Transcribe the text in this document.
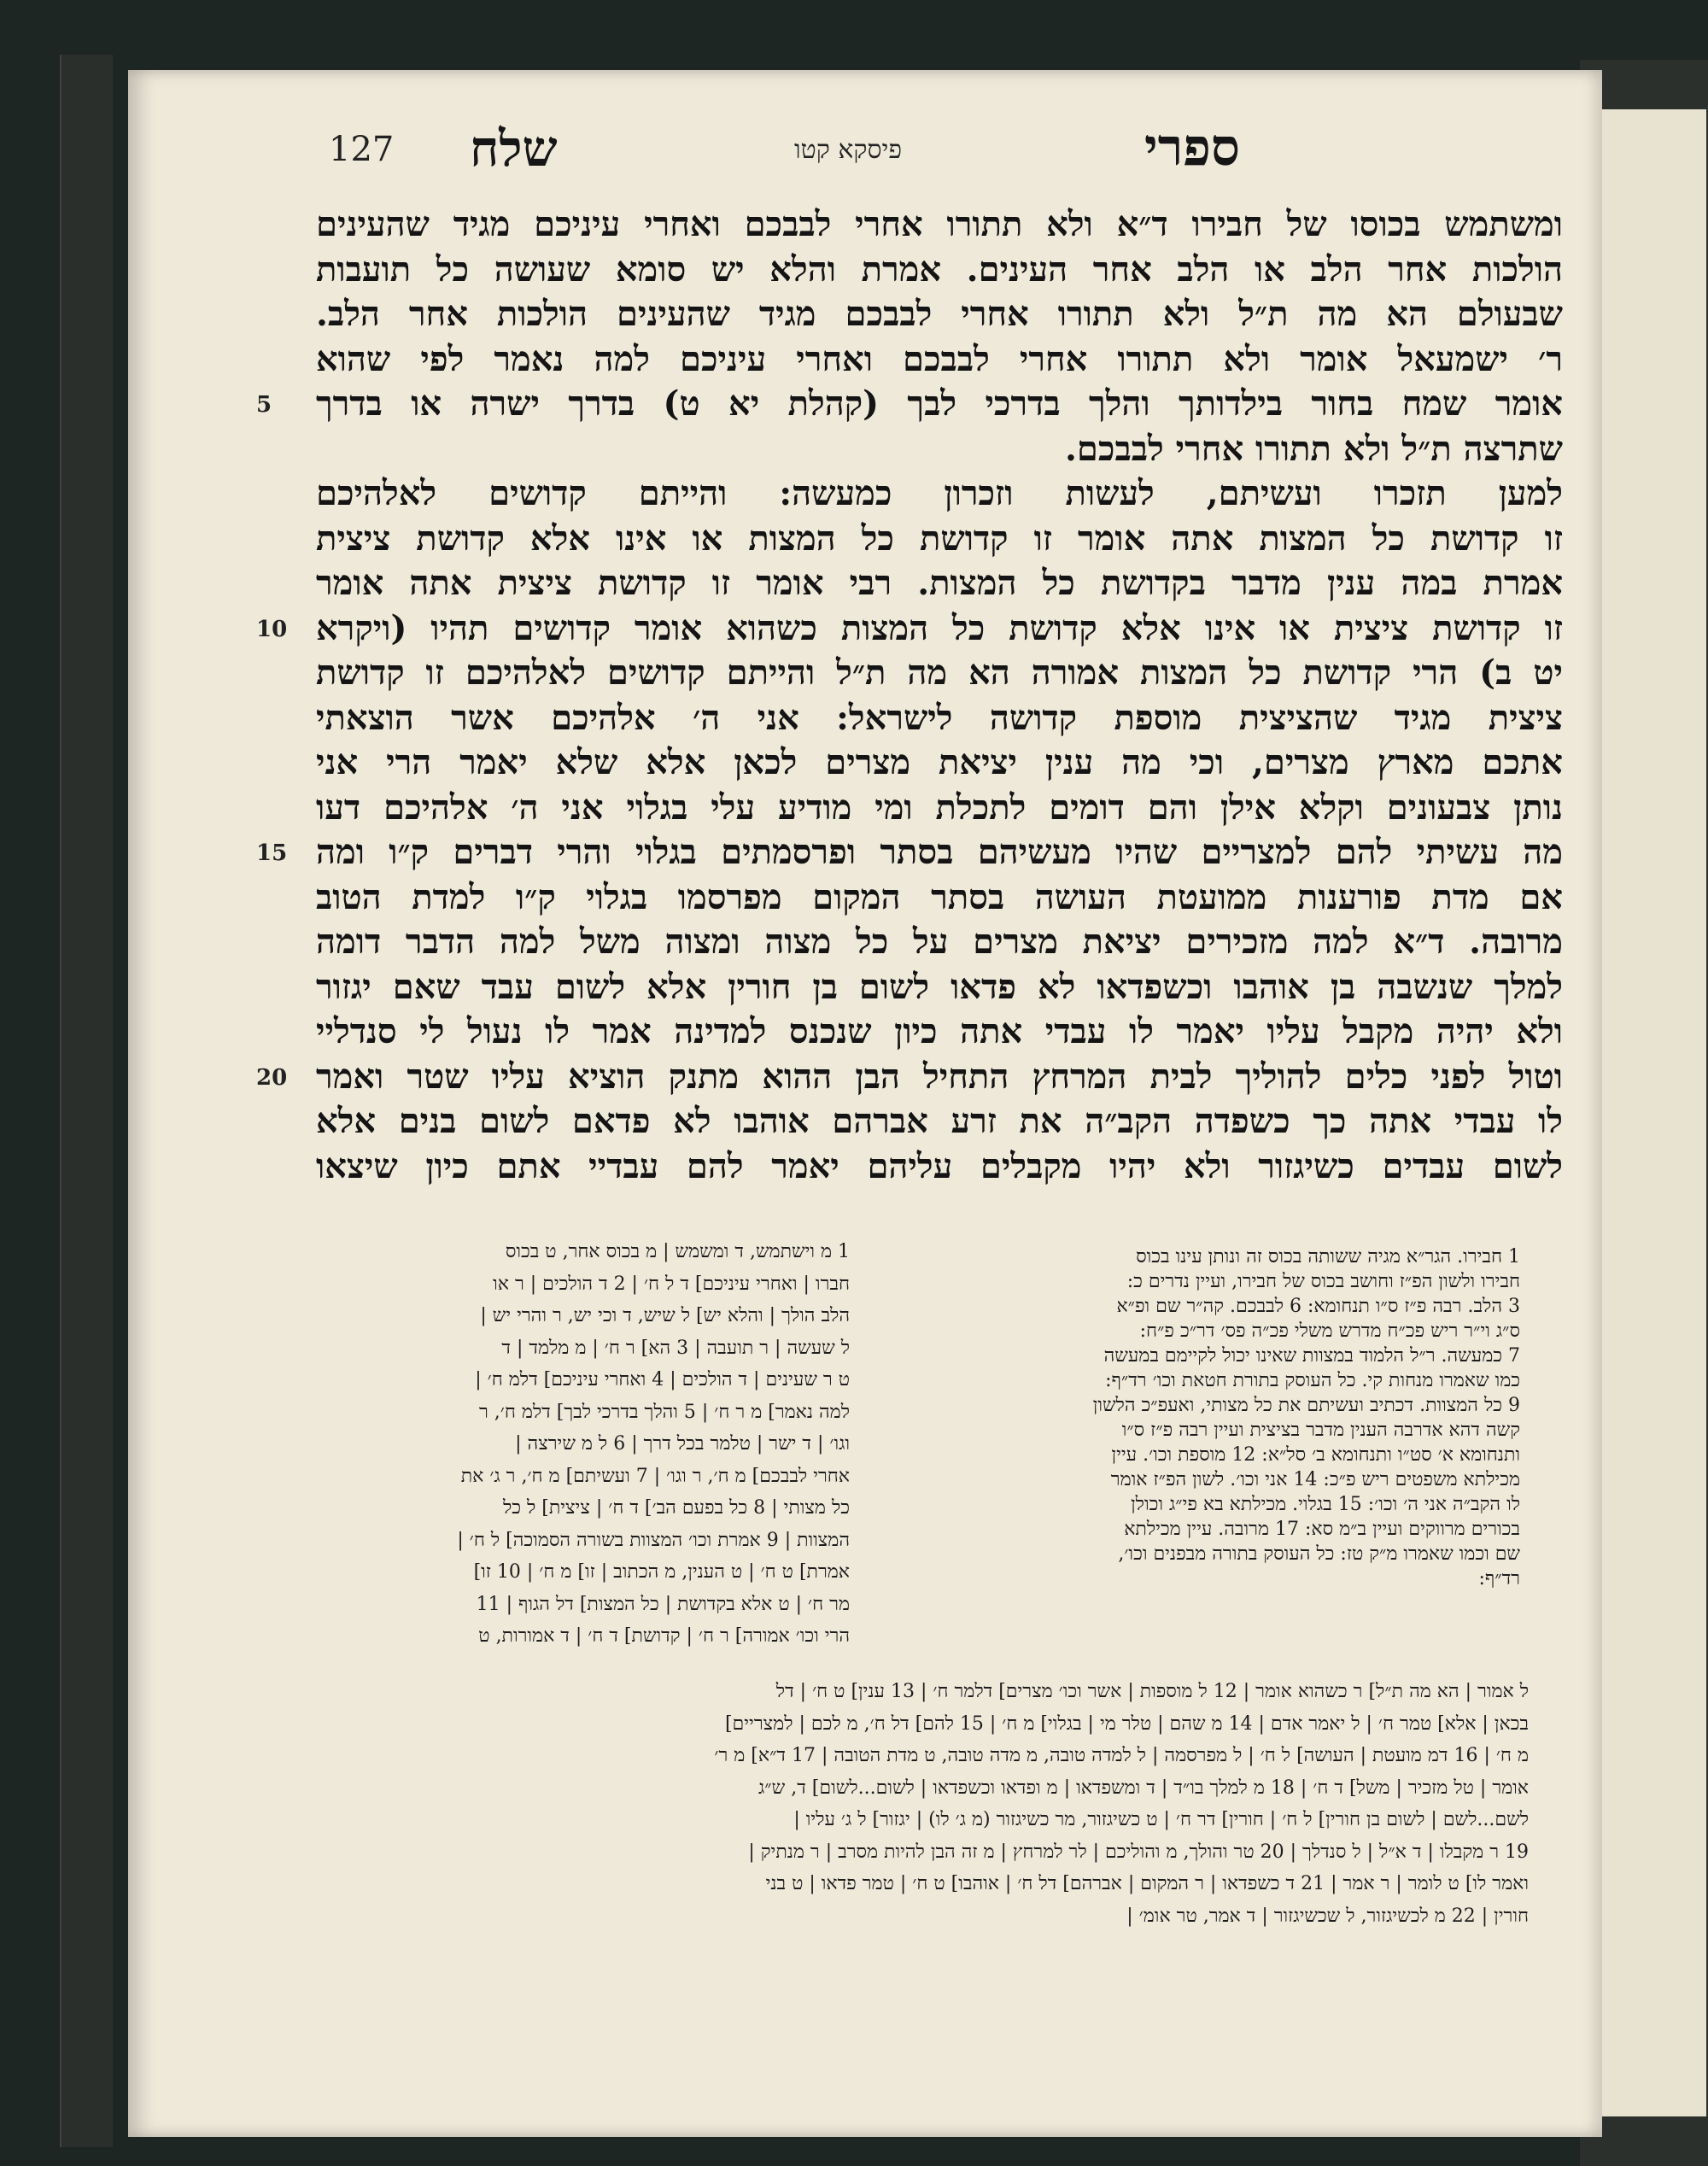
127 שלח	פיסקא קטו	ספרי
ומשתמש בכוסו של חבירו ד״א ולא תתורו אחרי לבבכם ואחרי עיניכם מגיד שהעינים
הולכות אחר הלב או הלב אחר העינים. אמרת והלא יש סומא שעושה כל תועבות
שבעולם הא מה ת״ל ולא תתורו אחרי לבבכם מגיד שהעינים הולכות אחר הלב.
ר׳ ישמעאל אומר ולא תתורו אחרי לבבכם ואחרי עיניכם למה נאמר לפי שהוא
אומר שמח בחור בילדותך והלך בדרכי לבך (קהלת יא ט) בדרך ישרה או בדרך
שתרצה ת״ל ולא תתורו אחרי לבבכם.
למען תזכרו ועשיתם, לעשות וזכרון כמעשה: והייתם קדושים לאלהיכם
זו קדושת כל המצות אתה אומר זו קדושת כל המצות או אינו אלא קדושת ציצית
אמרת במה ענין מדבר בקדושת כל המצות. רבי אומר זו קדושת ציצית אתה אומר
זו קדושת ציצית או אינו אלא קדושת כל המצות כשהוא אומר קדושים תהיו (ויקרא
יט ב) הרי קדושת כל המצות אמורה הא מה ת״ל והייתם קדושים לאלהיכם זו קדושת
ציצית מגיד שהציצית מוספת קדושה לישראל: אני ה׳ אלהיכם אשר הוצאתי
אתכם מארץ מצרים, וכי מה ענין יציאת מצרים לכאן אלא שלא יאמר הרי אני
נותן צבעונים וקלא אילן והם דומים לתכלת ומי מודיע עלי בגלוי אני ה׳ אלהיכם דעו
מה עשיתי להם למצריים שהיו מעשיהם בסתר ופרסמתים בגלוי והרי דברים ק״ו ומה
אם מדת פורענות ממועטת העושה בסתר המקום מפרסמו בגלוי ק״ו למדת הטוב
מרובה. ד״א למה מזכירים יציאת מצרים על כל מצוה ומצוה משל למה הדבר דומה
למלך שנשבה בן אוהבו וכשפדאו לא פדאו לשום בן חורין אלא לשום עבד שאם יגזור
ולא יהיה מקבל עליו יאמר לו עבדי אתה כיון שנכנס למדינה אמר לו נעול לי סנדליי
וטול לפני כלים להוליך לבית המרחץ התחיל הבן ההוא מתנק הוציא עליו שטר ואמר
לו עבדי אתה כך כשפדה הקב״ה את זרע אברהם אוהבו לא פדאם לשום בנים אלא
לשום עבדים כשיגזור ולא יהיו מקבלים עליהם יאמר להם עבדיי אתם כיון שיצאו
5
10
15
20
1 חבירו. הגר״א מגיה ששותה בכוס זה ונותן עינו בכוס
חבירו ולשון הפ״ז וחושב בכוס של חבירו, ועיין נדרים כ:
3 הלב. רבה פ״ז ס״ו תנחומא: 6 לבבכם. קה״ר שם ופ״א
ס״ג וי״ר ריש פכ״ח מדרש משלי פכ״ה פס׳ דר״כ פ״ח:
7 כמעשה. ר״ל הלמוד במצוות שאינו יכול לקיימם במעשה
כמו שאמרו מנחות קי. כל העוסק בתורת חטאת וכו׳ רד״ף:
9 כל המצוות. דכתיב ועשיתם את כל מצותי, ואעפ״כ הלשון
קשה דהא אדרבה הענין מדבר בציצית ועיין רבה פ״ז ס״ו
ותנחומא א׳ סט״ו ותנחומא ב׳ סל״א: 12 מוספת וכו׳. עיין
מכילתא משפטים ריש פ״כ: 14 אני וכו׳. לשון הפ״ז אומר
לו הקב״ה אני ה׳ וכו׳: 15 בגלוי. מכילתא בא פי״ג וכולן
בכורים מרווקים ועיין ב״מ סא: 17 מרובה. עיין מכילתא
שם וכמו שאמרו מ״ק טז: כל העוסק בתורה מבפנים וכו׳,
רד״ף:
1 מ וישתמש, ד ומשמש | מ בכוס אחר, ט בכוס
חברו | ואחרי עיניכם] ד ל ח׳ | 2 ד הולכים | ר או
הלב הולך | והלא יש] ל שיש, ד וכי יש, ר והרי יש |
ל שעשה | ר תועבה | 3 הא] ר ח׳ | מ מלמד | ד
ט ר שעינים | ד הולכים | 4 ואחרי עיניכם] דלמ ח׳ |
למה נאמר] מ ר ח׳ | 5 והלך בדרכי לבך] דלמ ח׳, ר
וגו׳ | ד ישר | טלמר בכל דרך | 6 ל מ שירצה |
אחרי לבבכם] מ ח׳, ר וגו׳ | 7 ועשיתם] מ ח׳, ר ג׳ את
כל מצותי | 8 כל בפעם הב׳] ד ח׳ | ציצית] ל כל
המצוות | 9 אמרת וכו׳ המצוות בשורה הסמוכה] ל ח׳ |
אמרת] ט ח׳ | ט הענין, מ הכתוב | זו] מ ח׳ | 10 זו]
מר ח׳ | ט אלא בקדושת | כל המצות] דל הגוף | 11
הרי וכו׳ אמורה] ר ח׳ | קדושת] ד ח׳ | ד אמורות, ט
ל אמור | הא מה ת״ל] ר כשהוא אומר | 12 ל מוספות | אשר וכו׳ מצרים] דלמר ח׳ | 13 ענין] ט ח׳ | דל
בכאן | אלא] טמר ח׳ | ל יאמר אדם | 14 מ שהם | טלר מי | בגלוי] מ ח׳ | 15 להם] דל ח׳, מ לכם | למצריים]
מ ח׳ | 16 דמ מועטת | העושה] ל ח׳ | ל מפרסמה | ל למדה טובה, מ מדה טובה, ט מדת הטובה | 17 ד״א] מ ר׳
אומר | טל מזכיר | משל] ד ח׳ | 18 מ למלך בו״ד | ד ומשפדאו | מ ופדאו וכשפדאו | לשום...לשום] ד, ש״ג
לשם...לשם | לשום בן חורין] ל ח׳ | חורין] דר ח׳ | ט כשיגזור, מר כשיגזור (מ ג׳ לו) | יגזור] ל ג׳ עליו |
19 ר מקבלו | ד א״ל | ל סנדלך | 20 טר והולך, מ והוליכם | לר למרחץ | מ זה הבן להיות מסרב | ר מנתיק |
ואמר לו] ט לומר | ר אמר | 21 ד כשפדאו | ר המקום | אברהם] דל ח׳ | אוהבו] ט ח׳ | טמר פדאו | ט בני
חורין | 22 מ לכשיגזור, ל שכשיגזור | ד אמר, טר אומ׳ |
